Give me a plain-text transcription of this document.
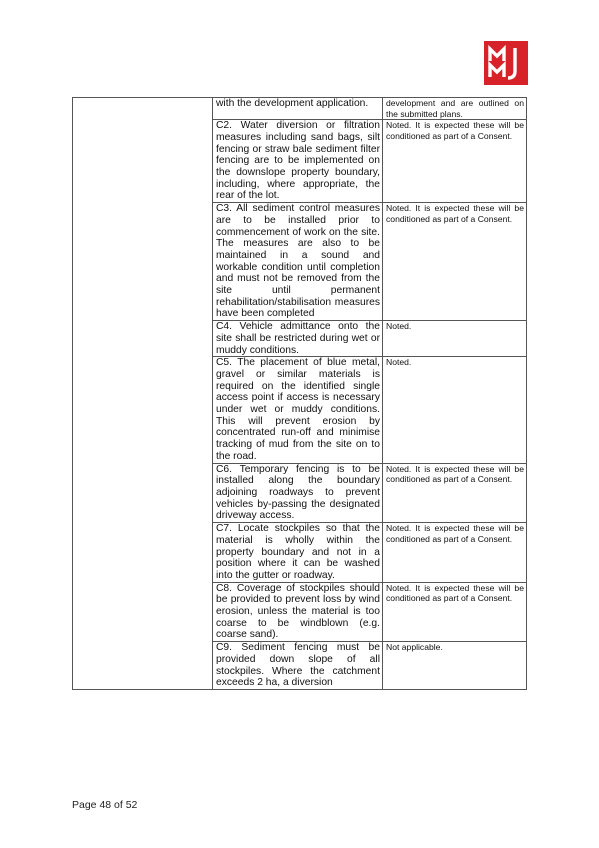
	with the development application.	development and are outlined on the submitted plans.
	C2. Water diversion or filtration measures including sand bags, silt fencing or straw bale sediment filter fencing are to be implemented on the downslope property boundary, including, where appropriate, the rear of the lot.	Noted. It is expected these will be conditioned as part of a Consent.
	C3. All sediment control measures are to be installed prior to commencement of work on the site. The measures are also to be maintained in a sound and workable condition until completion and must not be removed from the site until permanent rehabilitation/stabilisation measures have been completed	Noted. It is expected these will be conditioned as part of a Consent.
	C4. Vehicle admittance onto the site shall be restricted during wet or muddy conditions.	Noted.
	C5. The placement of blue metal, gravel or similar materials is required on the identified single access point if access is necessary under wet or muddy conditions. This will prevent erosion by concentrated run-off and minimise tracking of mud from the site on to the road.	Noted.
	C6. Temporary fencing is to be installed along the boundary adjoining roadways to prevent vehicles by-passing the designated driveway access.	Noted. It is expected these will be conditioned as part of a Consent.
	C7. Locate stockpiles so that the material is wholly within the property boundary and not in a position where it can be washed into the gutter or roadway.	Noted. It is expected these will be conditioned as part of a Consent.
	C8. Coverage of stockpiles should be provided to prevent loss by wind erosion, unless the material is too coarse to be windblown (e.g. coarse sand).	Noted. It is expected these will be conditioned as part of a Consent.
	C9. Sediment fencing must be provided down slope of all stockpiles. Where the catchment exceeds 2 ha, a diversion	Not applicable.
Page 48 of 52
